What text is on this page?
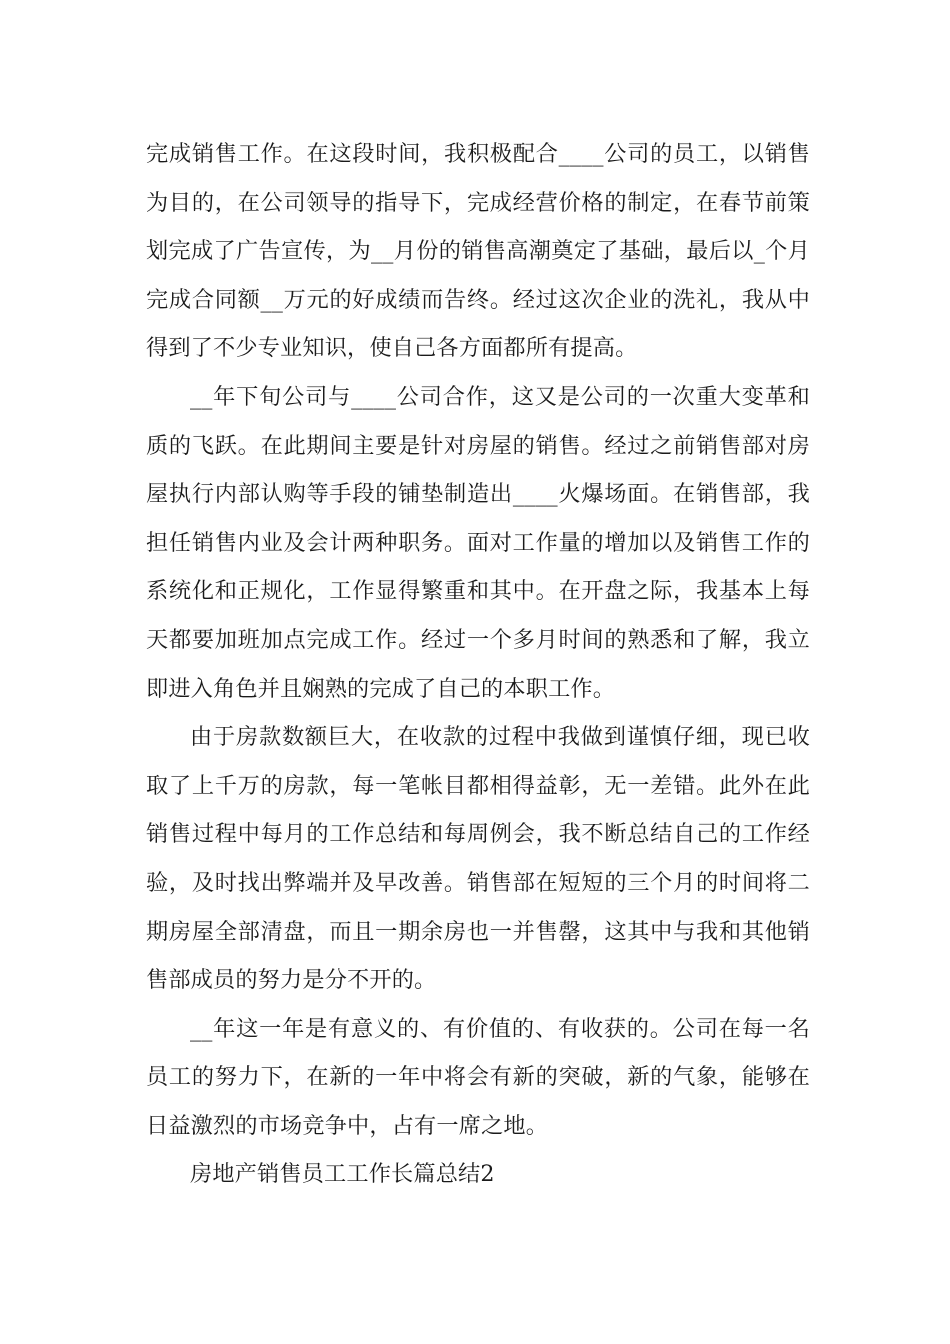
完成销售工作。在这段时间，我积极配合____公司的员工，以销售为目的，在公司领导的指导下，完成经营价格的制定，在春节前策划完成了广告宣传，为__月份的销售高潮奠定了基础，最后以_个月完成合同额__万元的好成绩而告终。经过这次企业的洗礼，我从中得到了不少专业知识，使自己各方面都所有提高。

__年下旬公司与____公司合作，这又是公司的一次重大变革和质的飞跃。在此期间主要是针对房屋的销售。经过之前销售部对房屋执行内部认购等手段的铺垫制造出____火爆场面。在销售部，我担任销售内业及会计两种职务。面对工作量的增加以及销售工作的系统化和正规化，工作显得繁重和其中。在开盘之际，我基本上每天都要加班加点完成工作。经过一个多月时间的熟悉和了解，我立即进入角色并且娴熟的完成了自己的本职工作。

由于房款数额巨大，在收款的过程中我做到谨慎仔细，现已收取了上千万的房款，每一笔帐目都相得益彰，无一差错。此外在此销售过程中每月的工作总结和每周例会，我不断总结自己的工作经验，及时找出弊端并及早改善。销售部在短短的三个月的时间将二期房屋全部清盘，而且一期余房也一并售罄，这其中与我和其他销售部成员的努力是分不开的。

__年这一年是有意义的、有价值的、有收获的。公司在每一名员工的努力下，在新的一年中将会有新的突破，新的气象，能够在日益激烈的市场竞争中，占有一席之地。

房地产销售员工工作长篇总结2
